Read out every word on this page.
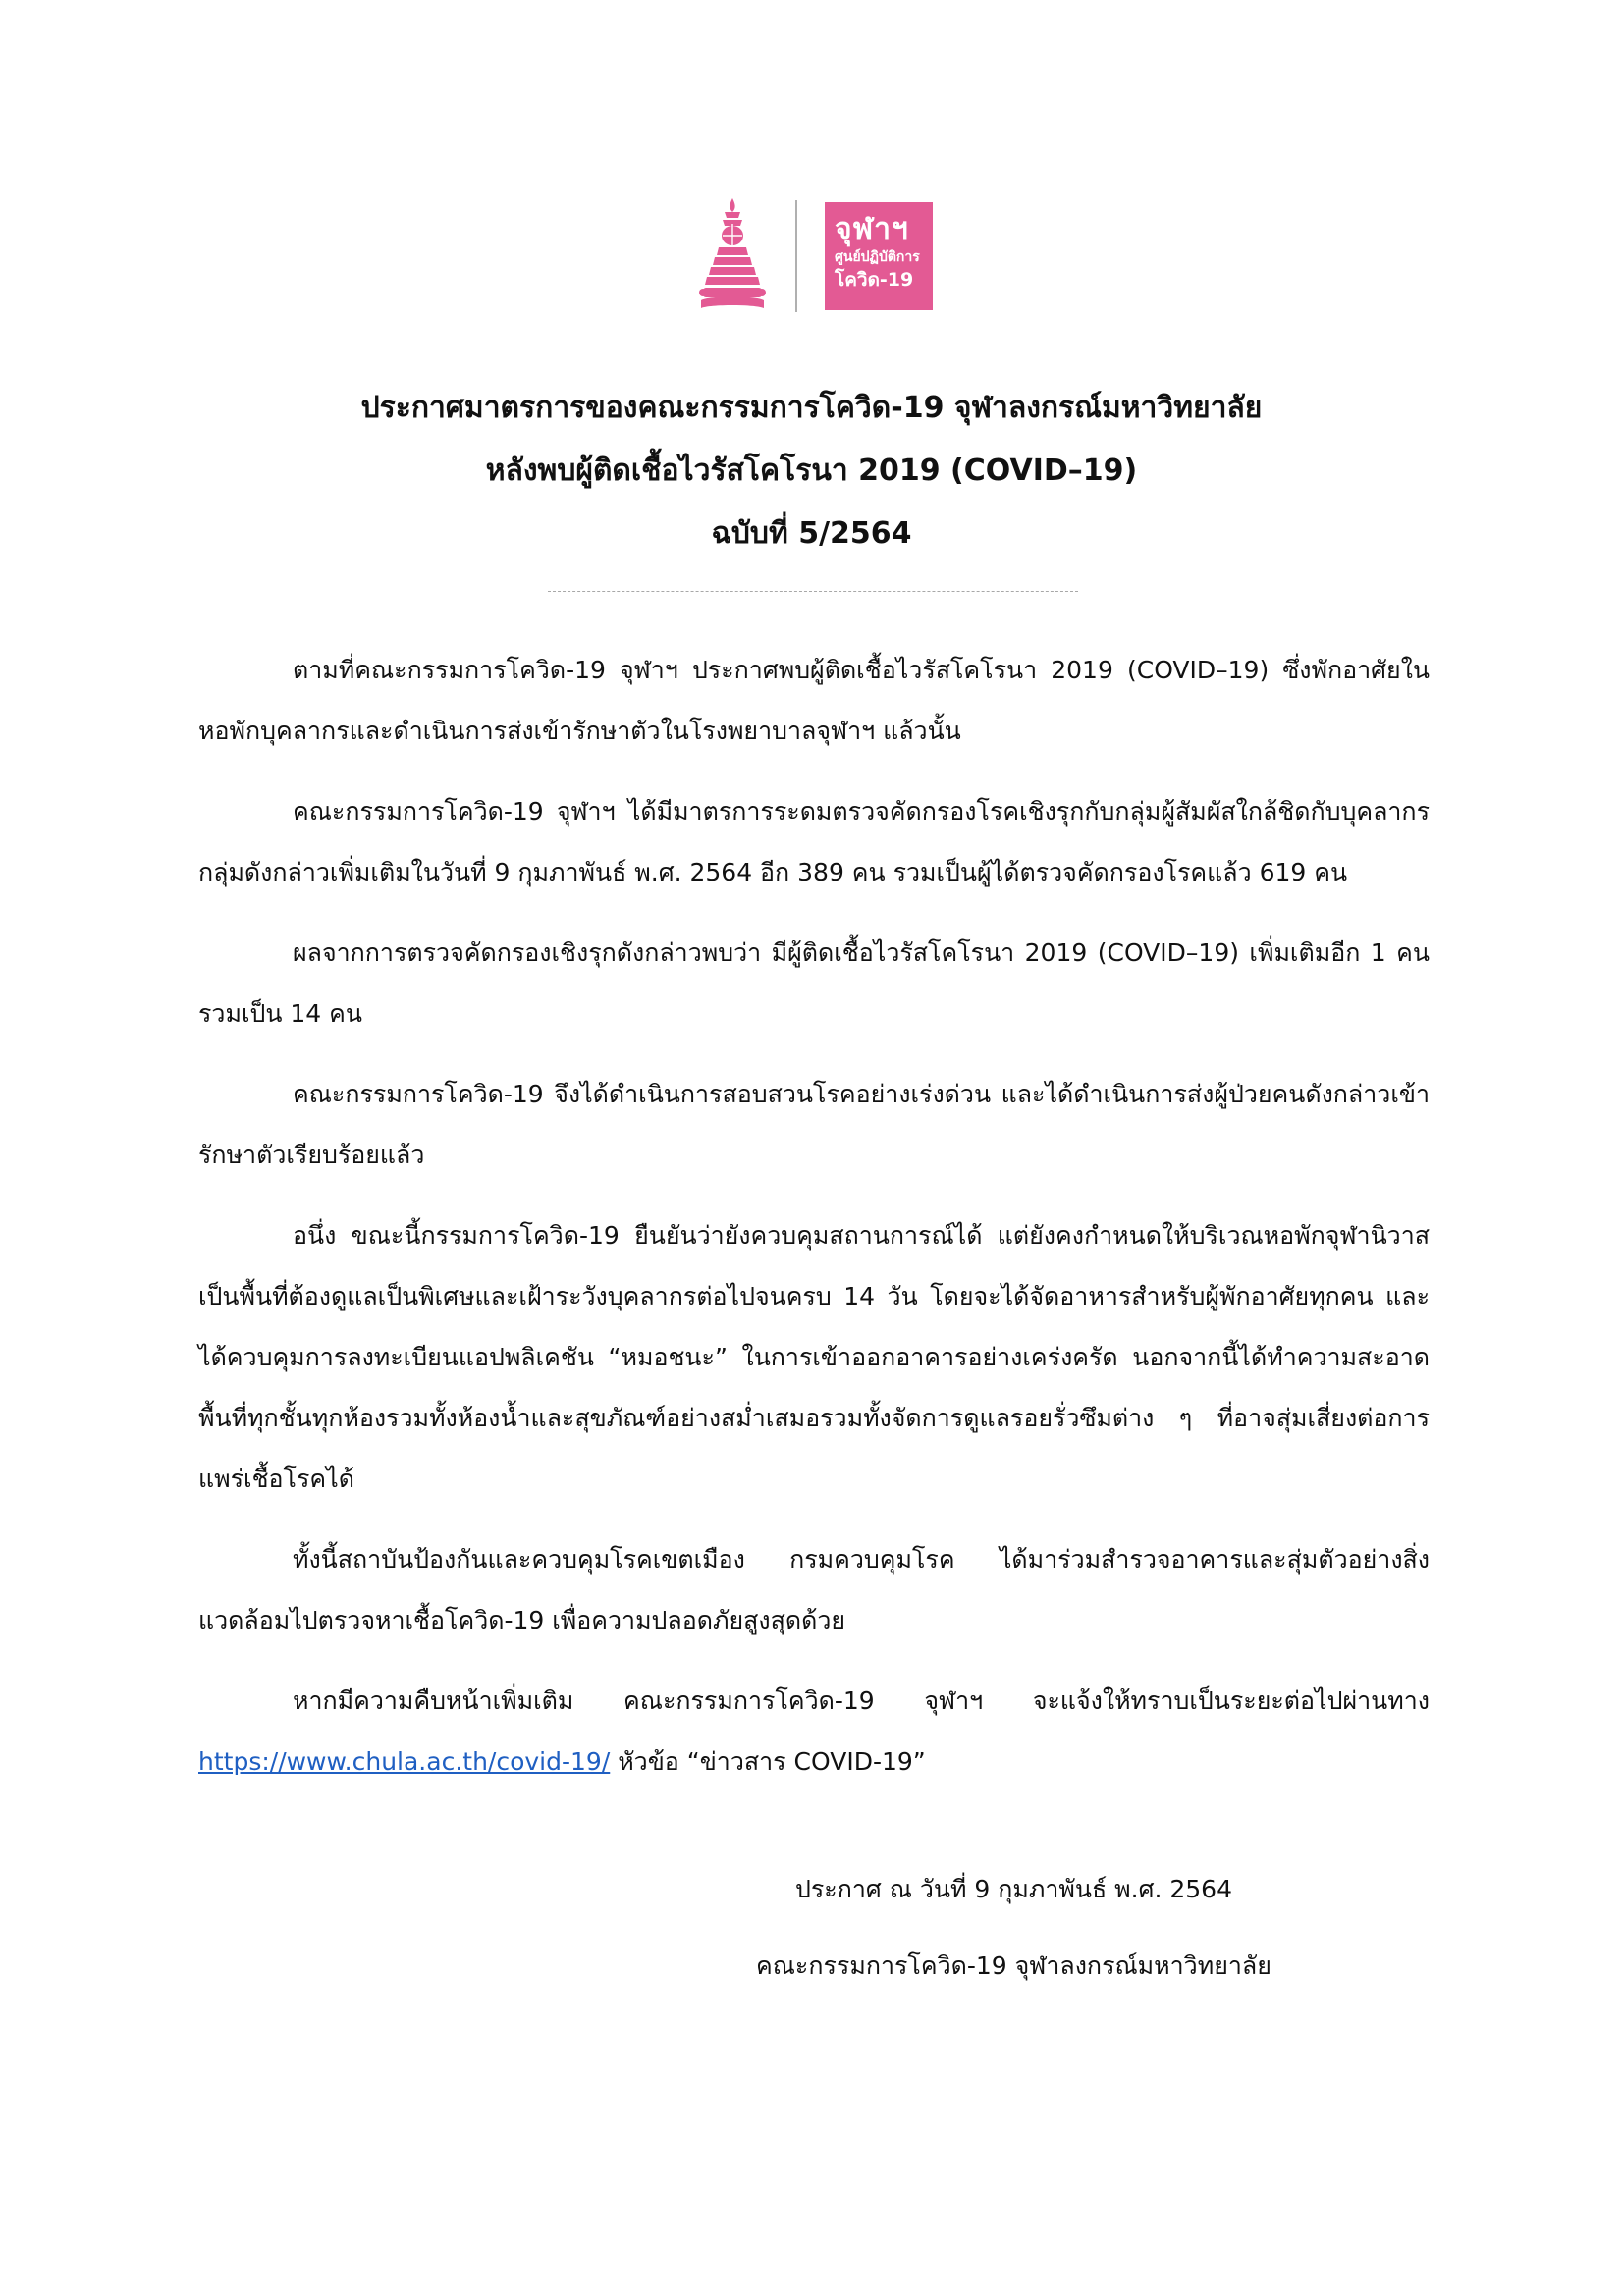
จุฬาฯ
ศูนย์ปฏิบัติการ
โควิด-19
ประกาศมาตรการของคณะกรรมการโควิด-19 จุฬาลงกรณ์มหาวิทยาลัย
หลังพบผู้ติดเชื้อไวรัสโคโรนา 2019 (COVID–19)
ฉบับที่ 5/2564

ตามที่คณะกรรมการโควิด-19 จุฬาฯ ประกาศพบผู้ติดเชื้อไวรัสโคโรนา 2019 (COVID–19) ซึ่งพักอาศัยในหอพักบุคลากรและดำเนินการส่งเข้ารักษาตัวในโรงพยาบาลจุฬาฯ แล้วนั้น

คณะกรรมการโควิด-19 จุฬาฯ ได้มีมาตรการระดมตรวจคัดกรองโรคเชิงรุกกับกลุ่มผู้สัมผัสใกล้ชิดกับบุคลากรกลุ่มดังกล่าวเพิ่มเติมในวันที่ 9 กุมภาพันธ์ พ.ศ. 2564 อีก 389 คน รวมเป็นผู้ได้ตรวจคัดกรองโรคแล้ว 619 คน

ผลจากการตรวจคัดกรองเชิงรุกดังกล่าวพบว่า มีผู้ติดเชื้อไวรัสโคโรนา 2019 (COVID–19) เพิ่มเติมอีก 1 คน รวมเป็น 14 คน

คณะกรรมการโควิด-19 จึงได้ดำเนินการสอบสวนโรคอย่างเร่งด่วน และได้ดำเนินการส่งผู้ป่วยคนดังกล่าวเข้ารักษาตัวเรียบร้อยแล้ว

อนึ่ง ขณะนี้กรรมการโควิด-19 ยืนยันว่ายังควบคุมสถานการณ์ได้ แต่ยังคงกำหนดให้บริเวณหอพักจุฬานิวาสเป็นพื้นที่ต้องดูแลเป็นพิเศษและเฝ้าระวังบุคลากรต่อไปจนครบ 14 วัน โดยจะได้จัดอาหารสำหรับผู้พักอาศัยทุกคน และได้ควบคุมการลงทะเบียนแอปพลิเคชัน “หมอชนะ” ในการเข้าออกอาคารอย่างเคร่งครัด นอกจากนี้ได้ทำความสะอาดพื้นที่ทุกชั้นทุกห้องรวมทั้งห้องน้ำและสุขภัณฑ์อย่างสม่ำเสมอรวมทั้งจัดการดูแลรอยรั่วซึมต่าง ๆ ที่อาจสุ่มเสี่ยงต่อการแพร่เชื้อโรคได้

ทั้งนี้สถาบันป้องกันและควบคุมโรคเขตเมือง กรมควบคุมโรค ได้มาร่วมสำรวจอาคารและสุ่มตัวอย่างสิ่งแวดล้อมไปตรวจหาเชื้อโควิด-19 เพื่อความปลอดภัยสูงสุดด้วย

หากมีความคืบหน้าเพิ่มเติม คณะกรรมการโควิด-19 จุฬาฯ จะแจ้งให้ทราบเป็นระยะต่อไปผ่านทาง https://www.chula.ac.th/covid-19/ หัวข้อ “ข่าวสาร COVID-19”

ประกาศ ณ วันที่ 9 กุมภาพันธ์ พ.ศ. 2564
คณะกรรมการโควิด-19 จุฬาลงกรณ์มหาวิทยาลัย
